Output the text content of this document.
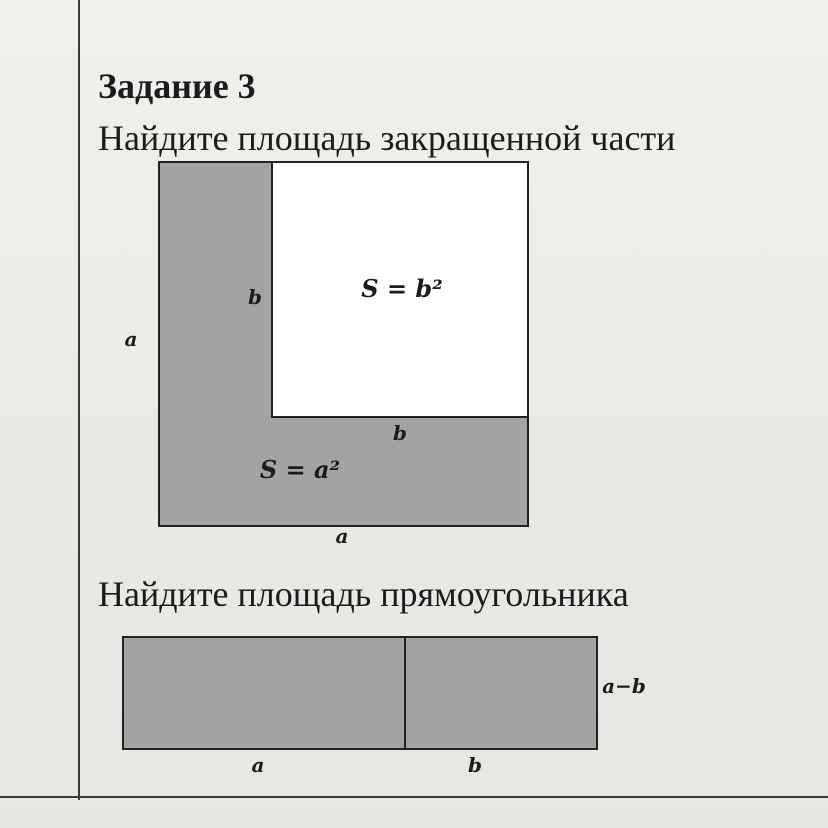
Задание 3
Найдите площадь закращенной части
Найдите площадь прямоугольника
a
a
b
b
S = b²
S = a²
a−b
a	b
